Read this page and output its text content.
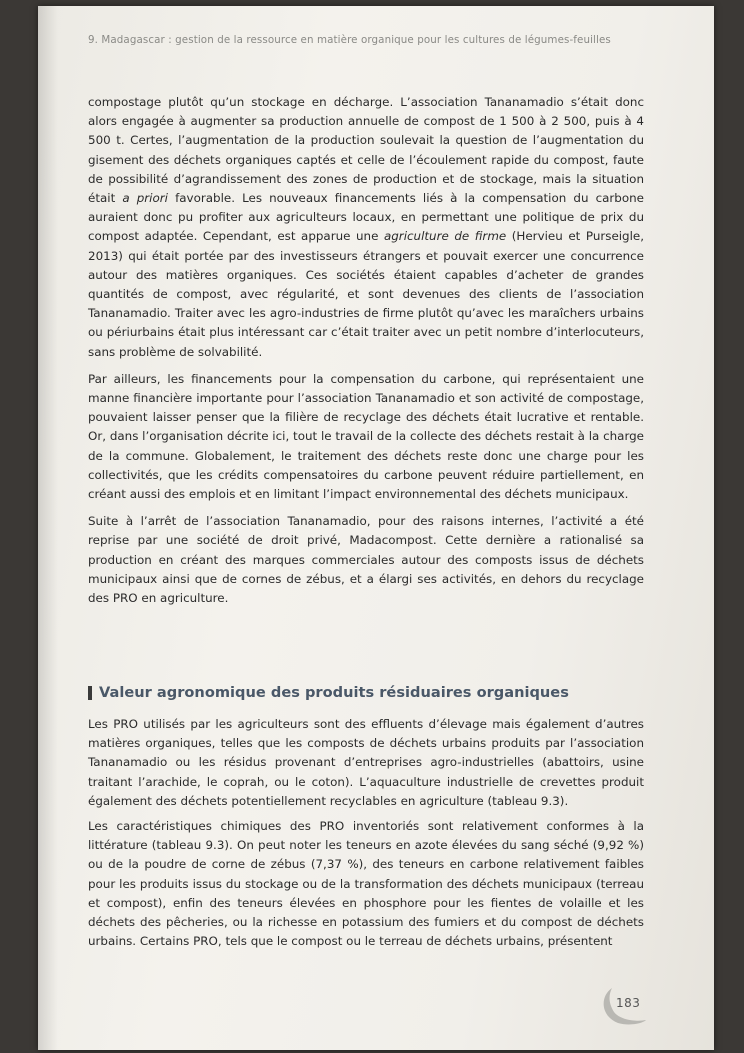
9. Madagascar : gestion de la ressource en matière organique pour les cultures de légumes-feuilles

compostage plutôt qu’un stockage en décharge. L’association Tananamadio s’était donc alors engagée à augmenter sa production annuelle de compost de 1 500 à 2 500, puis à 4 500 t. Certes, l’augmentation de la production soulevait la question de l’augmentation du gisement des déchets organiques captés et celle de l’écoulement rapide du compost, faute de possibilité d’agrandissement des zones de production et de stockage, mais la situation était a priori favorable. Les nouveaux financements liés à la compensation du carbone auraient donc pu profiter aux agriculteurs locaux, en permettant une politique de prix du compost adaptée. Cependant, est apparue une agriculture de firme (Hervieu et Purseigle, 2013) qui était portée par des investisseurs étrangers et pouvait exercer une concurrence autour des matières organiques. Ces sociétés étaient capables d’acheter de grandes quantités de compost, avec régularité, et sont devenues des clients de l’association Tananamadio. Traiter avec les agro-industries de firme plutôt qu’avec les maraîchers urbains ou périurbains était plus intéressant car c’était traiter avec un petit nombre d’interlocuteurs, sans problème de solvabilité.

Par ailleurs, les financements pour la compensation du carbone, qui représentaient une manne financière importante pour l’association Tananamadio et son activité de compostage, pouvaient laisser penser que la filière de recyclage des déchets était lucrative et rentable. Or, dans l’organisation décrite ici, tout le travail de la collecte des déchets restait à la charge de la commune. Globalement, le traitement des déchets reste donc une charge pour les collectivités, que les crédits compensatoires du carbone peuvent réduire partiellement, en créant aussi des emplois et en limitant l’impact environnemental des déchets municipaux.

Suite à l’arrêt de l’association Tananamadio, pour des raisons internes, l’activité a été reprise par une société de droit privé, Madacompost. Cette dernière a rationalisé sa production en créant des marques commerciales autour des composts issus de déchets municipaux ainsi que de cornes de zébus, et a élargi ses activités, en dehors du recyclage des PRO en agriculture.

Valeur agronomique des produits résiduaires organiques

Les PRO utilisés par les agriculteurs sont des effluents d’élevage mais également d’autres matières organiques, telles que les composts de déchets urbains produits par l’association Tananamadio ou les résidus provenant d’entreprises agro-industrielles (abattoirs, usine traitant l’arachide, le coprah, ou le coton). L’aquaculture industrielle de crevettes produit également des déchets potentiellement recyclables en agriculture (tableau 9.3).

Les caractéristiques chimiques des PRO inventoriés sont relativement conformes à la littérature (tableau 9.3). On peut noter les teneurs en azote élevées du sang séché (9,92 %) ou de la poudre de corne de zébus (7,37 %), des teneurs en carbone relativement faibles pour les produits issus du stockage ou de la transformation des déchets municipaux (terreau et compost), enfin des teneurs élevées en phosphore pour les fientes de volaille et les déchets des pêcheries, ou la richesse en potassium des fumiers et du compost de déchets urbains. Certains PRO, tels que le compost ou le terreau de déchets urbains, présentent

183
